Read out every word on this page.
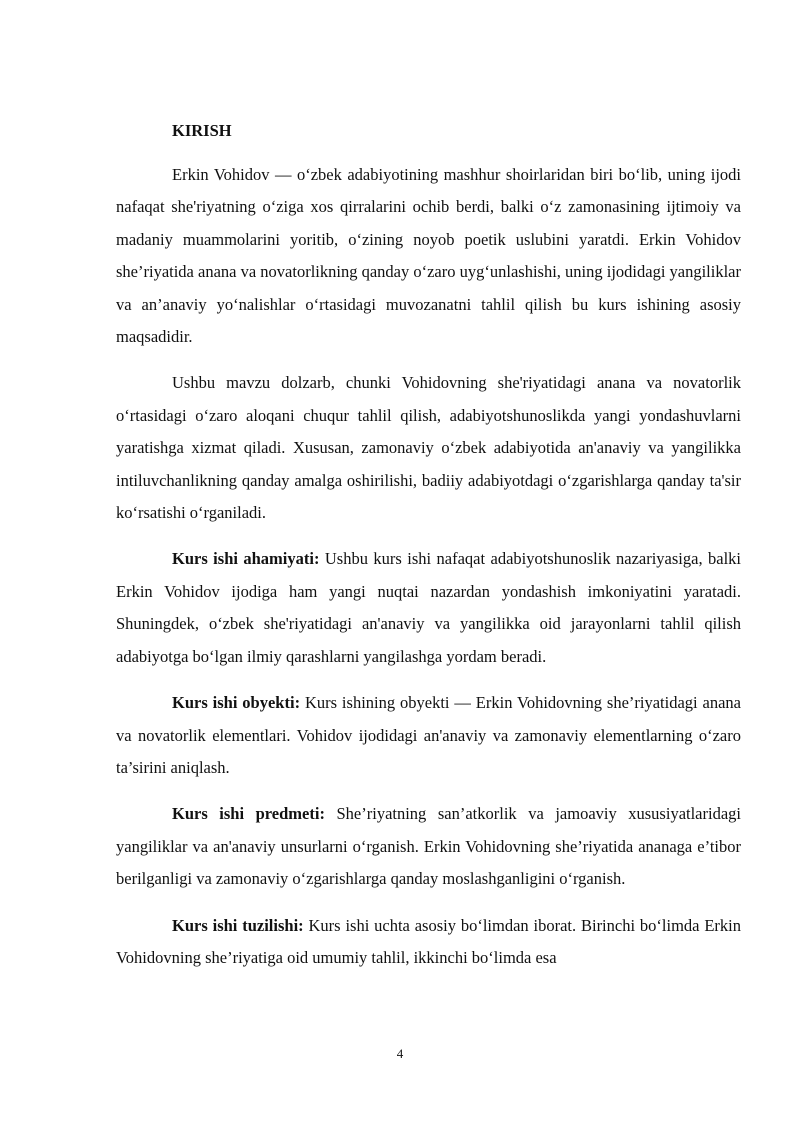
KIRISH

Erkin Vohidov — oʻzbek adabiyotining mashhur shoirlaridan biri boʻlib, uning ijodi nafaqat she'riyatning oʻziga xos qirralarini ochib berdi, balki oʻz zamonasining ijtimoiy va madaniy muammolarini yoritib, oʻzining noyob poetik uslubini yaratdi. Erkin Vohidov she’riyatida anana va novatorlikning qanday oʻzaro uygʻunlashishi, uning ijodidagi yangiliklar va an’anaviy yoʻnalishlar oʻrtasidagi muvozanatni tahlil qilish bu kurs ishining asosiy maqsadidir.

Ushbu mavzu dolzarb, chunki Vohidovning she'riyatidagi anana va novatorlik oʻrtasidagi oʻzaro aloqani chuqur tahlil qilish, adabiyotshunoslikda yangi yondashuvlarni yaratishga xizmat qiladi. Xususan, zamonaviy oʻzbek adabiyotida an'anaviy va yangilikka intiluvchanlikning qanday amalga oshirilishi, badiiy adabiyotdagi oʻzgarishlarga qanday ta'sir koʻrsatishi oʻrganiladi.

Kurs ishi ahamiyati: Ushbu kurs ishi nafaqat adabiyotshunoslik nazariyasiga, balki Erkin Vohidov ijodiga ham yangi nuqtai nazardan yondashish imkoniyatini yaratadi. Shuningdek, oʻzbek she'riyatidagi an'anaviy va yangilikka oid jarayonlarni tahlil qilish adabiyotga boʻlgan ilmiy qarashlarni yangilashga yordam beradi.

Kurs ishi obyekti: Kurs ishining obyekti — Erkin Vohidovning she’riyatidagi anana va novatorlik elementlari. Vohidov ijodidagi an'anaviy va zamonaviy elementlarning oʻzaro ta’sirini aniqlash.

Kurs ishi predmeti: She’riyatning san’atkorlik va jamoaviy xususiyatlaridagi yangiliklar va an'anaviy unsurlarni oʻrganish. Erkin Vohidovning she’riyatida ananaga e’tibor berilganligi va zamonaviy oʻzgarishlarga qanday moslashganligini oʻrganish.

Kurs ishi tuzilishi: Kurs ishi uchta asosiy boʻlimdan iborat. Birinchi boʻlimda Erkin Vohidovning she’riyatiga oid umumiy tahlil, ikkinchi boʻlimda esa

4
